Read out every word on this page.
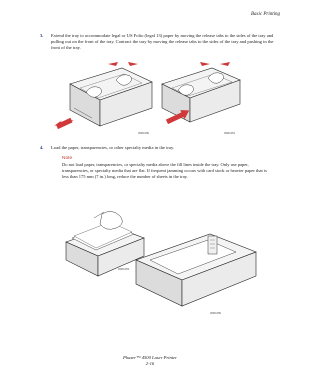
Basic Printing
3. Extend the tray to accommodate legal or US Folio (legal 13) paper by moving the release tabs to the sides of the tray and pulling out on the front of the tray. Contract the tray by moving the release tabs to the sides of the tray and pushing in the front of the tray.
4500-050	4500-051
4. Load the paper, transparencies, or other specialty media in the tray.
Note
Do not load paper, transparencies, or specialty media above the fill lines inside the tray. Only use paper, transparencies, or specialty media that are flat. If frequent jamming occurs with card stock or heavier paper that is less than 175 mm (7 in.) long, reduce the number of sheets in the tray.
4500-053
4500-056
Phaser™ 4500 Laser Printer
2-16
